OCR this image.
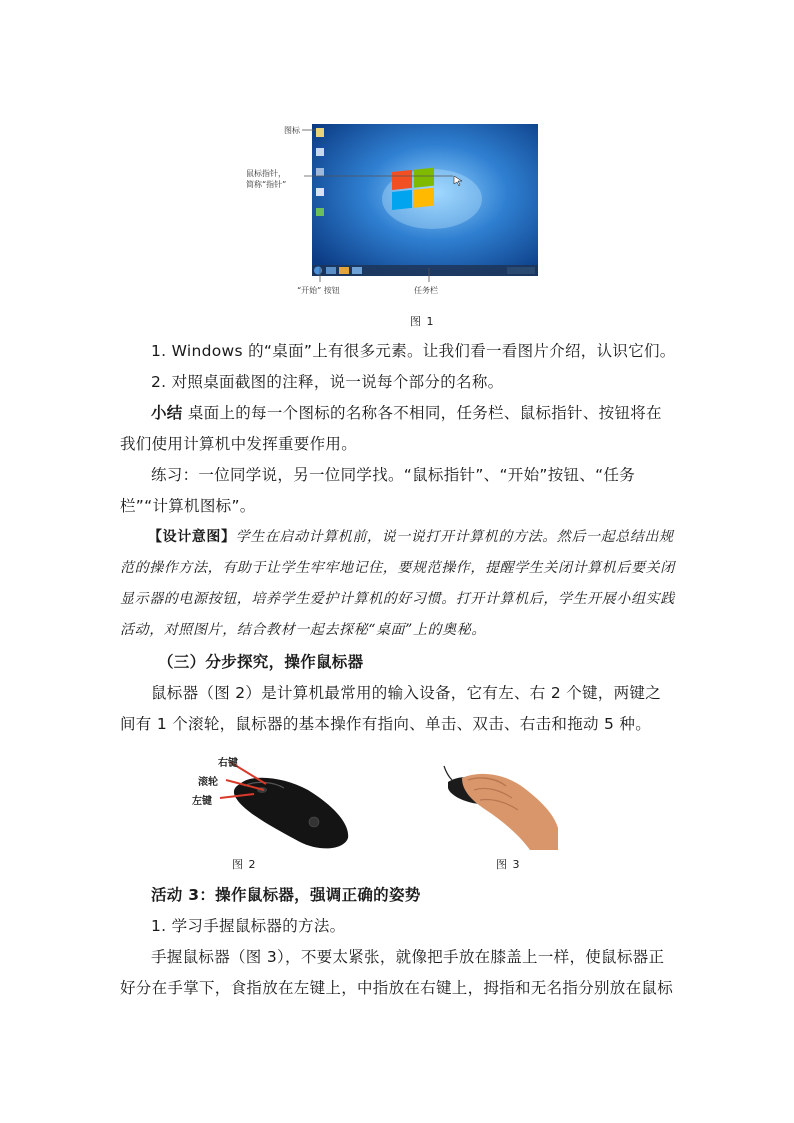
图标
鼠标指针，
简称“指针”
“开始” 按钮	任务栏
图 1
1. Windows 的“桌面”上有很多元素。让我们看一看图片介绍，认识它们。
2. 对照桌面截图的注释，说一说每个部分的名称。
小结 桌面上的每一个图标的名称各不相同，任务栏、鼠标指针、按钮将在我们使用计算机中发挥重要作用。
练习：一位同学说，另一位同学找。“鼠标指针”、“开始”按钮、“任务栏”“计算机图标”。
【设计意图】学生在启动计算机前，说一说打开计算机的方法。然后一起总结出规范的操作方法，有助于让学生牢牢地记住，要规范操作，提醒学生关闭计算机后要关闭显示器的电源按钮，培养学生爱护计算机的好习惯。打开计算机后，学生开展小组实践活动，对照图片，结合教材一起去探秘“桌面”上的奥秘。
（三）分步探究，操作鼠标器
鼠标器（图 2）是计算机最常用的输入设备，它有左、右 2 个键，两键之间有 1 个滚轮，鼠标器的基本操作有指向、单击、双击、右击和拖动 5 种。
右键
滚轮
左键
图 2	图 3
活动 3：操作鼠标器，强调正确的姿势
1. 学习手握鼠标器的方法。
手握鼠标器（图 3），不要太紧张，就像把手放在膝盖上一样，使鼠标器正好分在手掌下，食指放在左键上，中指放在右键上，拇指和无名指分别放在鼠标
